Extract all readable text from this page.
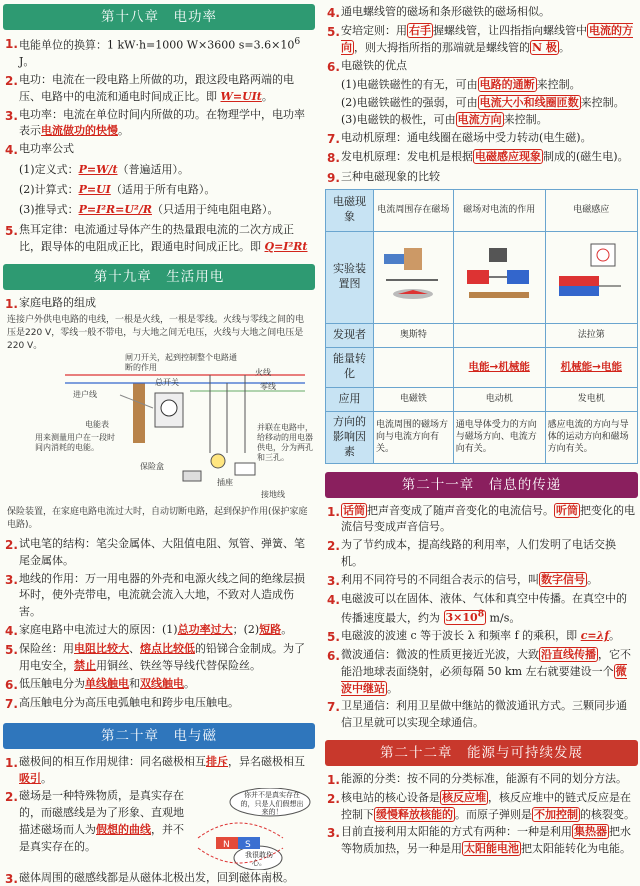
第十八章　电功率
1. 电能单位的换算：1 kW·h=1000 W×3600 $s=3.6\times 10^6$ J。
2. 电功：电流在一段电路上所做的功，跟这段电路两端的电压、电路中的电流和通电时间成正比。即 W=UIt。
3. 电功率：电流在单位时间内所做的功。在物理学中，电功率表示电流做功的快慢。
4. 电功率公式
(1)定义式：P=W/t（普遍适用）。
(2)计算式：P=UI（适用于所有电路）。
(3)推导式：P=I²R=U²/R（只适用于纯电阻电路）。
5. 焦耳定律：电流通过导体产生的热量跟电流的二次方成正比，跟导体的电阻成正比，跟通电时间成正比。即 Q=I²Rt
第十九章　生活用电
1. 家庭电路的组成
连接户外供电电路的电线，一根是火线，一根是零线。火线与零线之间的电压是220 V，零线一般不带电，与大地之间无电压，火线与大地之间电压是220 V。
闸刀开关，起到控制整个电路通断的作用
进户线
总开关
火线
零线
电能表
用来测量用户在一段时间内消耗的电能。
保险盒
并联在电路中，给移动的用电器供电，分为两孔和三孔。
插座
接地线
保险装置，在家庭电路电流过大时，自动切断电路，起到保护作用(保护家庭电路)。
2. 试电笔的结构：笔尖金属体、大阻值电阻、氖管、弹簧、笔尾金属体。
3. 地线的作用：万一用电器的外壳和电源火线之间的绝缘层损坏时，使外壳带电，电流就会流入大地，不致对人造成伤害。
4. 家庭电路中电流过大的原因：(1)总功率过大；(2)短路。
5. 保险丝：用电阻比较大、熔点比较低的铅锑合金制成。为了用电安全，禁止用铜丝、铁丝等导线代替保险丝。
6. 低压触电分为单线触电和双线触电。
7. 高压触电分为高压电弧触电和跨步电压触电。
第二十章　电与磁
1. 磁极间的相互作用规律：同名磁极相互排斥，异名磁极相互吸引。
2. 磁场是一种特殊物质，是真实存在的，而磁感线是为了形象、直观地描述磁场而人为假想的曲线，并不是真实存在的。	N S
你并不是真实存在的，只是人们假想出来的！
我很敢伤心。
3. 磁体周围的磁感线都是从磁体北极出发，回到磁体南极。
4. 通电螺线管的磁场和条形磁铁的磁场相似。
5. 安培定则：用 右手 握螺线管，让四指指向螺线管中 电流的方向 ，则大拇指所指的那端就是螺线管的 N 极 。
6. 电磁铁的优点
(1)电磁铁磁性的有无，可由 电路的通断 来控制。
(2)电磁铁磁性的强弱，可由 电流大小和线圈匝数 来控制。
(3)电磁铁的极性，可由 电流方向 来控制。
7. 电动机原理：通电线圈在磁场中受力转动(电生磁)。
8. 发电机原理：发电机是根据 电磁感应现象 制成的(磁生电)。
9. 三种电磁现象的比较
电磁现象	电流周围存在磁场	磁场对电流的作用	电磁感应
实验装置图			
发现者	奥斯特		法拉第
能量转化		电能→机械能	机械能→电能
应用	电磁铁	电动机	发电机
方向的影响因素	电流周围的磁场方向与电流方向有关。	通电导体受力的方向与磁场方向、电流方向有关。	感应电流的方向与导体的运动方向和磁场方向有关。
第二十一章　信息的传递
1. 话筒 把声音变成了随声音变化的电流信号。 听筒 把变化的电流信号变成声音信号。
2. 为了节约成本，提高线路的利用率，人们发明了电话交换机。
3. 利用不同符号的不同组合表示的信号，叫 数字信号 。
4. 电磁波可以在固体、液体、气体和真空中传播。在真空中的传播速度最大，约为 $3\times 10^8$ m/s。
5. 电磁波的波速 c 等于波长 λ 和频率 f 的乘积，即 c=λf。
6. 微波通信：微波的性质更接近光波，大致 沿直线传播 ，它不能沿地球表面绕射，必须每隔 50 km 左右就要建设一个 微波中继站 。
7. 卫星通信：利用卫星做中继站的微波通讯方式。三颗同步通信卫星就可以实现全球通信。
第二十二章　能源与可持续发展
1. 能源的分类：按不同的分类标准，能源有不同的划分方法。
2. 核电站的核心设备是 核反应堆 ，核反应堆中的链式反应是在控制下 缓慢释放核能的 。而原子弹则是 不加控制 的核裂变。
3. 目前直接利用太阳能的方式有两种：一种是利用 集热器 把水等物质加热，另一种是用 太阳能电池 把太阳能转化为电能。
